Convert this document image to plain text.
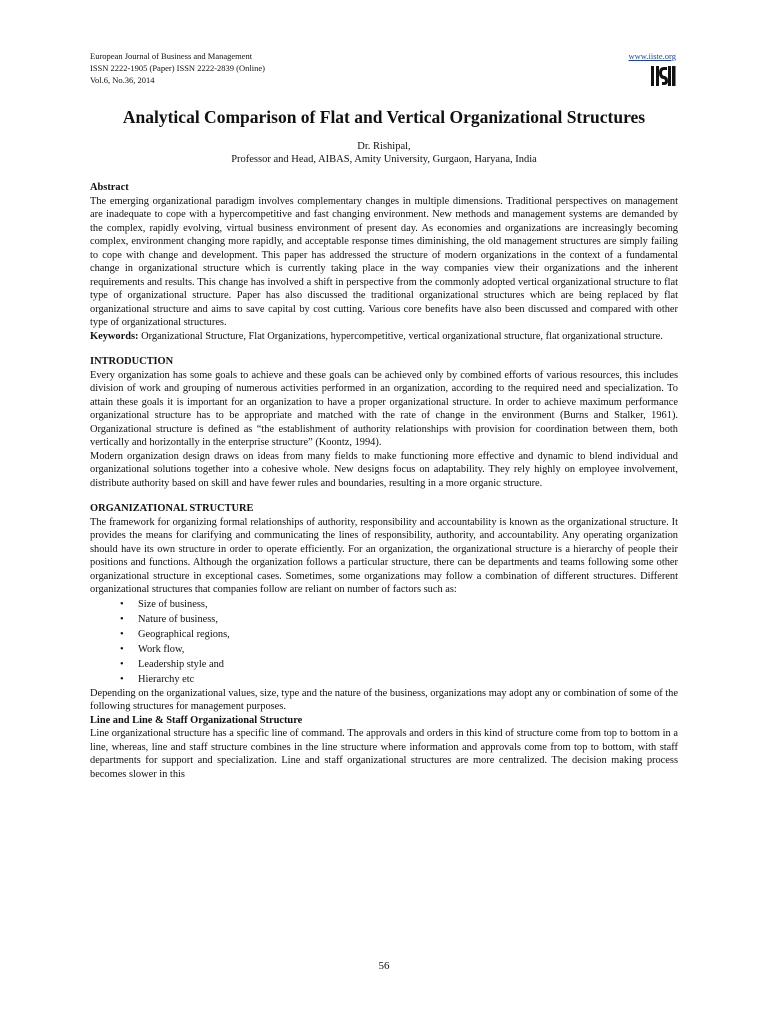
European Journal of Business and Management
ISSN 2222-1905 (Paper) ISSN 2222-2839 (Online)
Vol.6, No.36, 2014
www.iiste.org
Analytical Comparison of Flat and Vertical Organizational Structures
Dr. Rishipal,
Professor and Head, AIBAS, Amity University, Gurgaon, Haryana, India

Abstract

The emerging organizational paradigm involves complementary changes in multiple dimensions. Traditional perspectives on management are inadequate to cope with a hypercompetitive and fast changing environment. New methods and management systems are demanded by the complex, rapidly evolving, virtual business environment of present day. As economies and organizations are increasingly becoming complex, environment changing more rapidly, and acceptable response times diminishing, the old management structures are simply failing to cope with change and development. This paper has addressed the structure of modern organizations in the context of a fundamental change in organizational structure which is currently taking place in the way companies view their organizations and the inherent requirements and results. This change has involved a shift in perspective from the commonly adopted vertical organizational structure to flat type of organizational structure. Paper has also discussed the traditional organizational structures which are being replaced by flat organizational structure and aims to save capital by cost cutting. Various core benefits have also been discussed and compared with other type of organizational structures.

Keywords: Organizational Structure, Flat Organizations, hypercompetitive, vertical organizational structure, flat organizational structure.

INTRODUCTION

Every organization has some goals to achieve and these goals can be achieved only by combined efforts of various resources, this includes division of work and grouping of numerous activities performed in an organization, according to the required need and specialization. To attain these goals it is important for an organization to have a proper organizational structure. In order to achieve maximum performance organizational structure has to be appropriate and matched with the rate of change in the environment (Burns and Stalker, 1961). Organizational structure is defined as “the establishment of authority relationships with provision for coordination between them, both vertically and horizontally in the enterprise structure” (Koontz, 1994).

Modern organization design draws on ideas from many fields to make functioning more effective and dynamic to blend individual and organizational solutions together into a cohesive whole. New designs focus on adaptability. They rely highly on employee involvement, distribute authority based on skill and have fewer rules and boundaries, resulting in a more organic structure.

ORGANIZATIONAL STRUCTURE

The framework for organizing formal relationships of authority, responsibility and accountability is known as the organizational structure. It provides the means for clarifying and communicating the lines of responsibility, authority, and accountability. Any operating organization should have its own structure in order to operate efficiently. For an organization, the organizational structure is a hierarchy of people their positions and functions. Although the organization follows a particular structure, there can be departments and teams following some other organizational structure in exceptional cases. Sometimes, some organizations may follow a combination of different structures. Different organizational structures that companies follow are reliant on number of factors such as:

• Size of business,
• Nature of business,
• Geographical regions,
• Work flow,
• Leadership style and
• Hierarchy etc

Depending on the organizational values, size, type and the nature of the business, organizations may adopt any or combination of some of the following structures for management purposes.

Line and Line & Staff Organizational Structure

Line organizational structure has a specific line of command. The approvals and orders in this kind of structure come from top to bottom in a line, whereas, line and staff structure combines in the line structure where information and approvals come from top to bottom, with staff departments for support and specialization. Line and staff organizational structures are more centralized. The decision making process becomes slower in this

56
